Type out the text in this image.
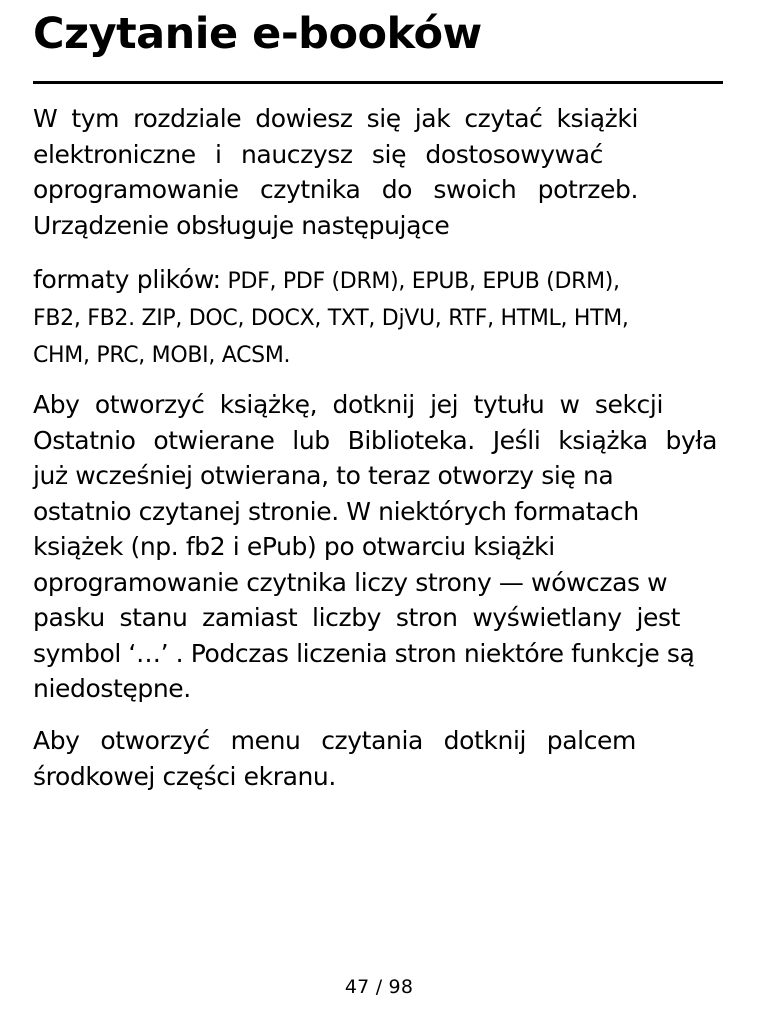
Czytanie e-booków

W tym rozdziale dowiesz się jak czytać książki
elektroniczne i nauczysz się dostosowywać
oprogramowanie czytnika do swoich potrzeb.
Urządzenie obsługuje następujące

formaty plików: PDF, PDF (DRM), EPUB, EPUB (DRM),
FB2, FB2. ZIP, DOC, DOCX, TXT, DjVU, RTF, HTML, HTM,
CHM, PRC, MOBI, ACSM.

Aby otworzyć książkę, dotknij jej tytułu w sekcji
Ostatnio otwierane lub Biblioteka. Jeśli książka była
już wcześniej otwierana, to teraz otworzy się na
ostatnio czytanej stronie. W niektórych formatach
książek (np. fb2 i ePub) po otwarciu książki
oprogramowanie czytnika liczy strony — wówczas w
pasku stanu zamiast liczby stron wyświetlany jest
symbol ‘…’ . Podczas liczenia stron niektóre funkcje są
niedostępne.

Aby otworzyć menu czytania dotknij palcem
środkowej części ekranu.

47 / 98
